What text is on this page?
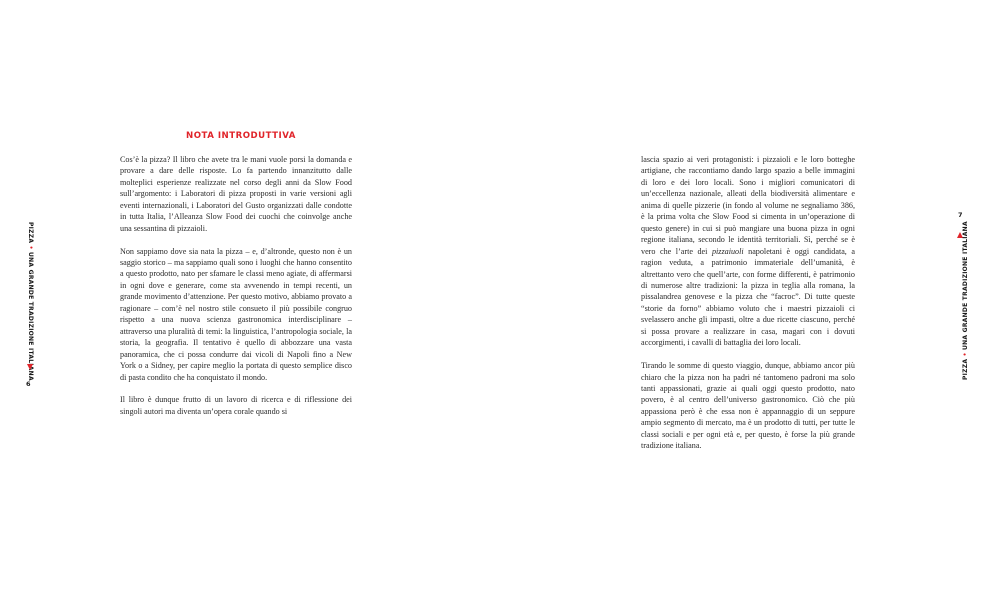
PIZZA • UNA GRANDE TRADIZIONE ITALIANA
6
NOTA INTRODUTTIVA

Cos’è la pizza? Il libro che avete tra le mani vuole porsi la domanda e provare a dare delle risposte. Lo fa partendo innanzitutto dalle molteplici esperienze realizzate nel corso degli anni da Slow Food sull’argomento: i Laboratori di pizza proposti in varie versioni agli eventi internazionali, i Laboratori del Gusto organizzati dalle condotte in tutta Italia, l’Alleanza Slow Food dei cuochi che coinvolge anche una sessantina di pizzaioli.

Non sappiamo dove sia nata la pizza – e, d’altronde, questo non è un saggio storico – ma sappiamo quali sono i luoghi che hanno consentito a questo prodotto, nato per sfamare le classi meno agiate, di affermarsi in ogni dove e generare, come sta avvenendo in tempi recenti, un grande movimento d’attenzione. Per questo motivo, abbiamo provato a ragionare – com’è nel nostro stile consueto il più possibile congruo rispetto a una nuova scienza gastronomica interdisciplinare – attraverso una pluralità di temi: la linguistica, l’antropologia sociale, la storia, la geografia. Il tentativo è quello di abbozzare una vasta panoramica, che ci possa condurre dai vicoli di Napoli fino a New York o a Sidney, per capire meglio la portata di questo semplice disco di pasta condito che ha conquistato il mondo.

Il libro è dunque frutto di un lavoro di ricerca e di riflessione dei singoli autori ma diventa un’opera corale quando si

lascia spazio ai veri protagonisti: i pizzaioli e le loro botteghe artigiane, che raccontiamo dando largo spazio a belle immagini di loro e dei loro locali. Sono i migliori comunicatori di un’eccellenza nazionale, alleati della biodiversità alimentare e anima di quelle pizzerie (in fondo al volume ne segnaliamo 386, è la prima volta che Slow Food si cimenta in un’operazione di questo genere) in cui si può mangiare una buona pizza in ogni regione italiana, secondo le identità territoriali. Sì, perché se è vero che l’arte dei pizzaiuoli napoletani è oggi candidata, a ragion veduta, a patrimonio immateriale dell’umanità, è altrettanto vero che quell’arte, con forme differenti, è patrimonio di numerose altre tradizioni: la pizza in teglia alla romana, la pissalandrea genovese e la pizza che “facroc”. Di tutte queste “storie da forno” abbiamo voluto che i maestri pizzaioli ci svelassero anche gli impasti, oltre a due ricette ciascuno, perché si possa provare a realizzare in casa, magari con i dovuti accorgimenti, i cavalli di battaglia dei loro locali.

Tirando le somme di questo viaggio, dunque, abbiamo ancor più chiaro che la pizza non ha padri né tantomeno padroni ma solo tanti appassionati, grazie ai quali oggi questo prodotto, nato povero, è al centro dell’universo gastronomico. Ciò che più appassiona però è che essa non è appannaggio di un seppure ampio segmento di mercato, ma è un prodotto di tutti, per tutte le classi sociali e per ogni età e, per questo, è forse la più grande tradizione italiana.

7
PIZZA • UNA GRANDE TRADIZIONE ITALIANA
